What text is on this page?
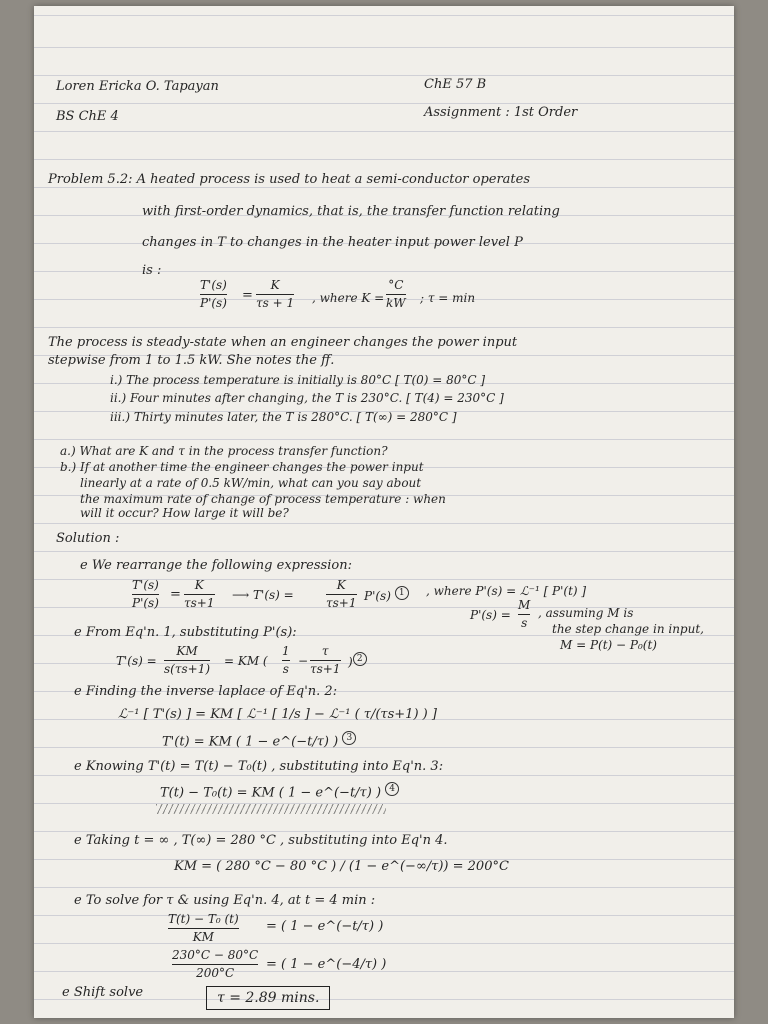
Loren Ericka O. Tapayan
BS ChE 4
ChE 57 B
Assignment : 1st Order
Problem 5.2: A heated process is used to heat a semi-conductor operates
with first-order dynamics, that is, the transfer function relating
changes in T to changes in the heater input power level P
is :
T'(s)
P'(s) =
K
τs + 1 , where K =
°C
kW ; τ = min
The process is steady-state when an engineer changes the power input
stepwise from 1 to 1.5 kW. She notes the ff.
i.) The process temperature is initially is 80°C [ T(0) = 80°C ]
ii.) Four minutes after changing, the T is 230°C. [ T(4) = 230°C ]
iii.) Thirty minutes later, the T is 280°C. [ T(∞) = 280°C ]
a.) What are K and τ in the process transfer function?
b.) If at another time the engineer changes the power input
linearly at a rate of 0.5 kW/min, what can you say about
the maximum rate of change of process temperature : when
will it occur? How large it will be?
Solution :
e We rearrange the following expression:
T'(s)
P'(s)
=
K
τs+1
⟶ T'(s) =
K
τs+1 P'(s) 1	, where P'(s) = ℒ⁻¹ [ P'(t) ]
P'(s) =
M
s
, assuming M is
the step change in input,
M = P(t) − P₀(t)
e From Eq'n. 1, substituting P'(s):
T'(s) =
KM
s(τs+1)
= KM (
1
s
−
τ
τs+1 ) 2
e Finding the inverse laplace of Eq'n. 2:
ℒ⁻¹ [ T'(s) ] = KM [ ℒ⁻¹ [ 1/s ] − ℒ⁻¹ ( τ/(τs+1) ) ]
T'(t) = KM ( 1 − e^(−t/τ) ) 3
e Knowing T'(t) = T(t) − T₀(t) , substituting into Eq'n. 3:
T(t) − T₀(t) = KM ( 1 − e^(−t/τ) ) 4
e Taking t = ∞ , T(∞) = 280 °C , substituting into Eq'n 4.
KM = ( 280 °C − 80 °C ) / (1 − e^(−∞/τ)) = 200°C
e To solve for τ & using Eq'n. 4, at t = 4 min :
T(t) − T₀ (t)
KM
= ( 1 − e^(−t/τ) )
230°C − 80°C
200°C
= ( 1 − e^(−4/τ) )
e Shift solve	τ = 2.89 mins.
